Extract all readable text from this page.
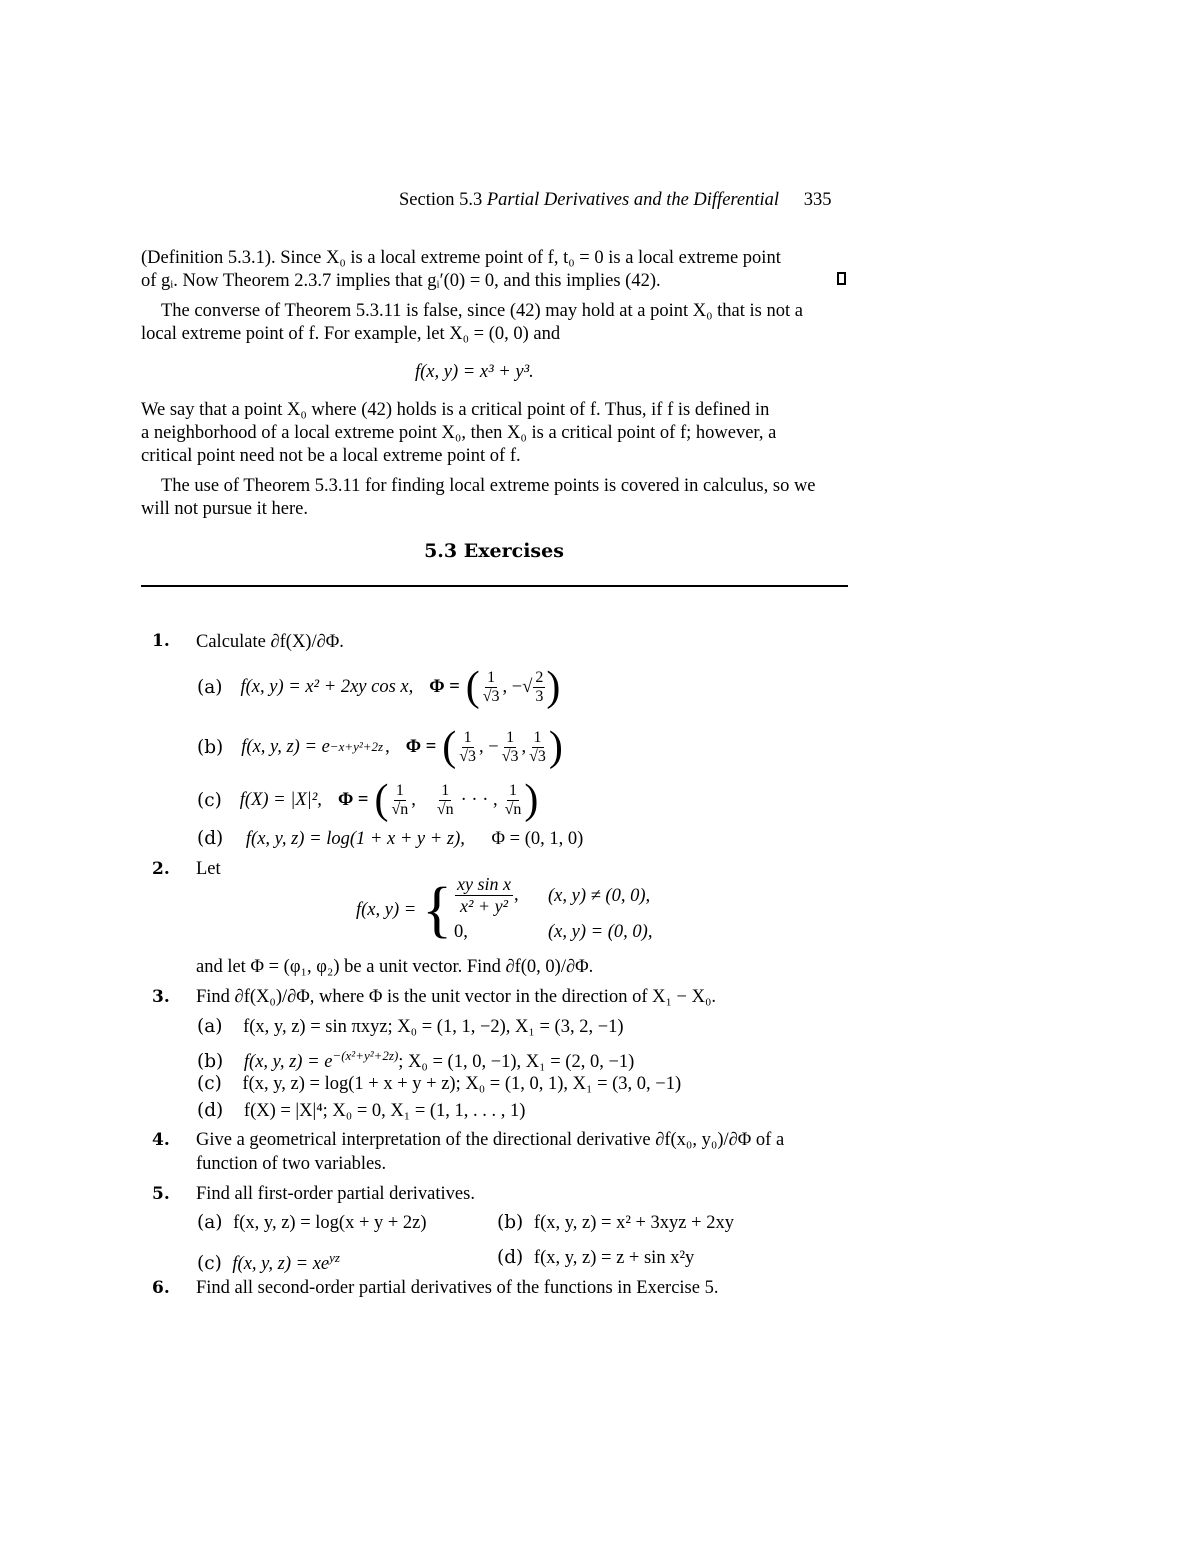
Section 5.3 Partial Derivatives and the Differential 335
(Definition 5.3.1). Since X₀ is a local extreme point of f, t₀ = 0 is a local extreme point
of gᵢ. Now Theorem 2.3.7 implies that gᵢ′(0) = 0, and this implies (42).
The converse of Theorem 5.3.11 is false, since (42) may hold at a point X₀ that is not a
local extreme point of f. For example, let X₀ = (0, 0) and
f(x, y) = x³ + y³.
We say that a point X₀ where (42) holds is a critical point of f. Thus, if f is defined in
a neighborhood of a local extreme point X₀, then X₀ is a critical point of f; however, a
critical point need not be a local extreme point of f.
The use of Theorem 5.3.11 for finding local extreme points is covered in calculus, so we
will not pursue it here.
5.3 Exercises
1. Calculate ∂f(X)/∂Φ.
(a) f(x, y) = x² + 2xy cos x, Φ = ( $\frac{1}{√3}$ , −√ $\frac{2}{3}$ )
(b) f(x, y, z) = e −x+y²+2z , Φ = ( $\frac{1}{√3}$ , − $\frac{1}{√3}$ , $\frac{1}{√3}$ )
(c) f(X) = |X|², Φ = ( $\frac{1}{√n}$ , $\frac{1}{√n}$ · · · , $\frac{1}{√n}$ )
(d) f(x, y, z) = log(1 + x + y + z), Φ = (0, 1, 0)
2. Let
f(x, y) = { $\frac{\text{xy sin x}}{\text{x² + y²}}$ , (x, y) ≠ (0, 0),
0,	(x, y) = (0, 0),
and let Φ = (φ₁, φ₂) be a unit vector. Find ∂f(0, 0)/∂Φ.
3. Find ∂f(X₀)/∂Φ, where Φ is the unit vector in the direction of X₁ − X₀.
(a) f(x, y, z) = sin πxyz; X₀ = (1, 1, −2), X₁ = (3, 2, −1)
(b) f(x, y, $z) = e^{-(x^2+y^2+2z)}$; X₀ = (1, 0, −1), X₁ = (2, 0, −1)
(c) f(x, y, z) = log(1 + x + y + z); X₀ = (1, 0, 1), X₁ = (3, 0, −1)
(d) f(X) = |X|⁴; X₀ = 0, X₁ = (1, 1, . . . , 1)
4. Give a geometrical interpretation of the directional derivative ∂f(x₀, y₀)/∂Φ of a
function of two variables.
5. Find all first-order partial derivatives.
(a) f(x, y, z) = log(x + y + 2z)	(b) f(x, y, z) = x² + 3xyz + 2xy
(c) f(x, y, $z) = xe^{yz}$	(d) f(x, y, z) = z + sin x²y
6. Find all second-order partial derivatives of the functions in Exercise 5.
